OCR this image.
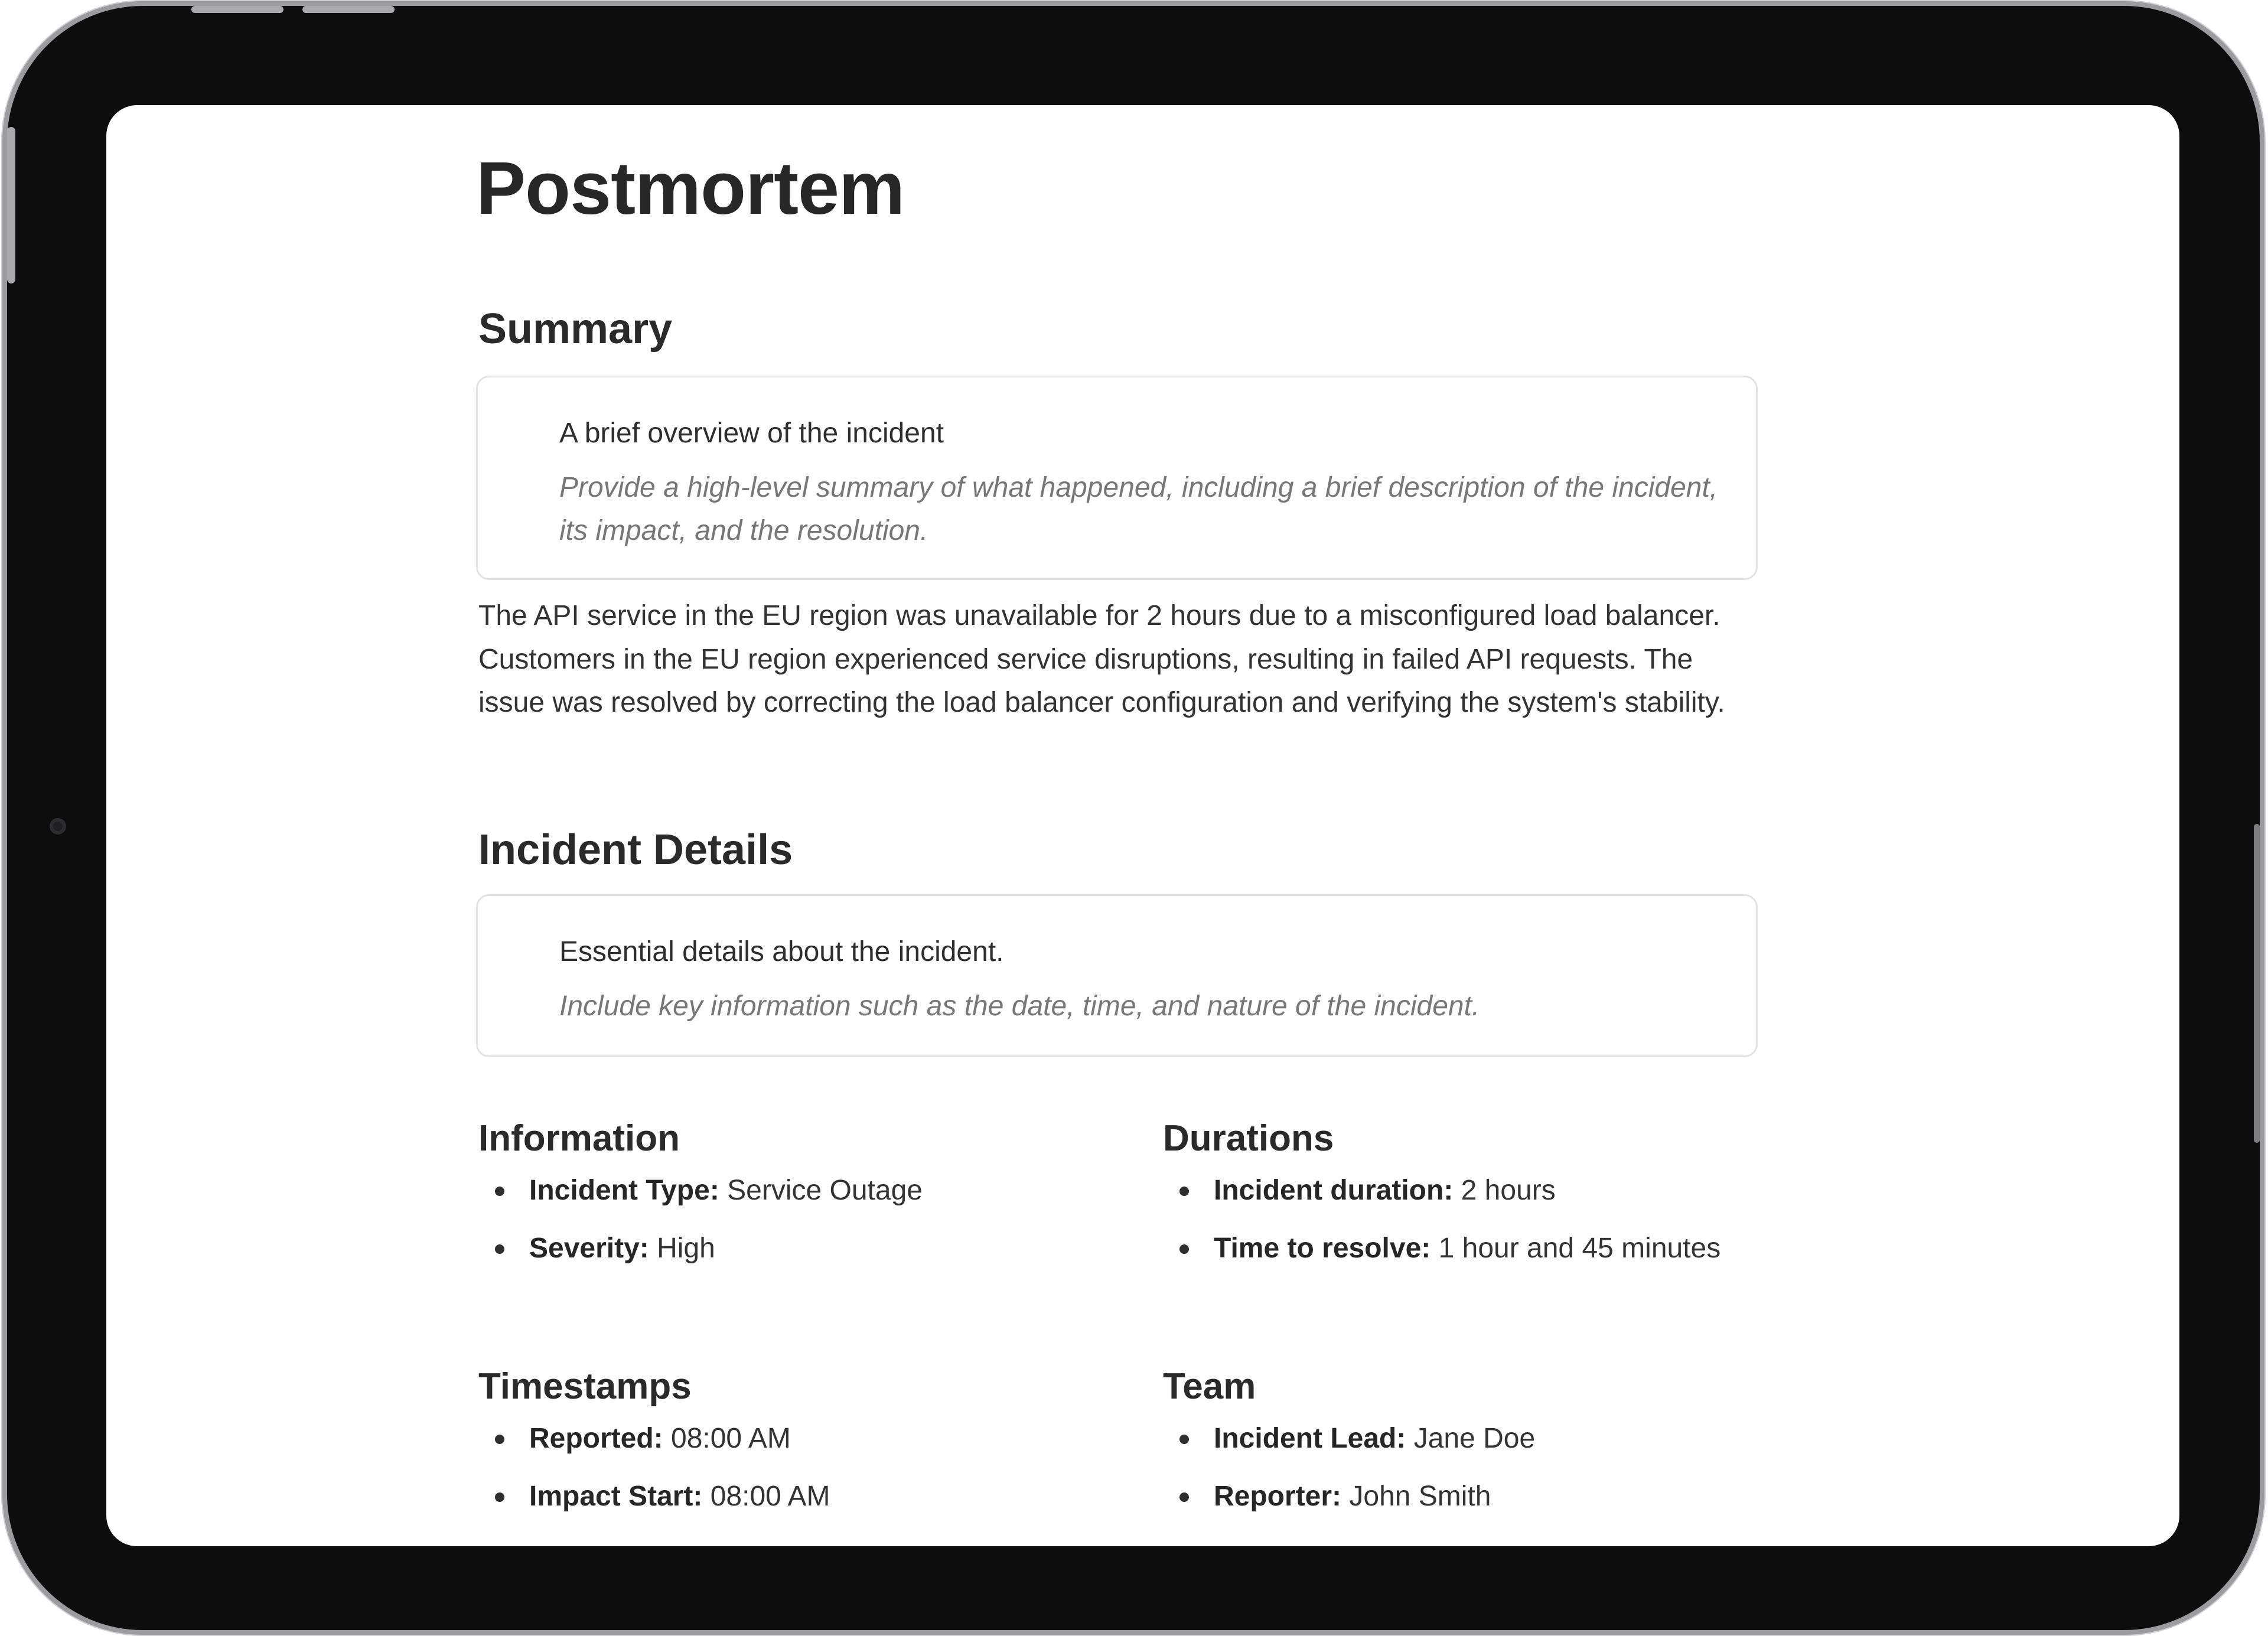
Postmortem
Summary
A brief overview of the incident
Provide a high-level summary of what happened, including a brief description of the incident, its impact, and the resolution.

The API service in the EU region was unavailable for 2 hours due to a misconfigured load balancer. Customers in the EU region experienced service disruptions, resulting in failed API requests. The issue was resolved by correcting the load balancer configuration and verifying the system's stability.

Incident Details
Essential details about the incident.
Include key information such as the date, time, and nature of the incident.
Information
Incident Type: Service Outage
Severity: High
Durations
Incident duration: 2 hours
Time to resolve: 1 hour and 45 minutes
Timestamps
Reported: 08:00 AM
Impact Start: 08:00 AM
Team
Incident Lead: Jane Doe
Reporter: John Smith
